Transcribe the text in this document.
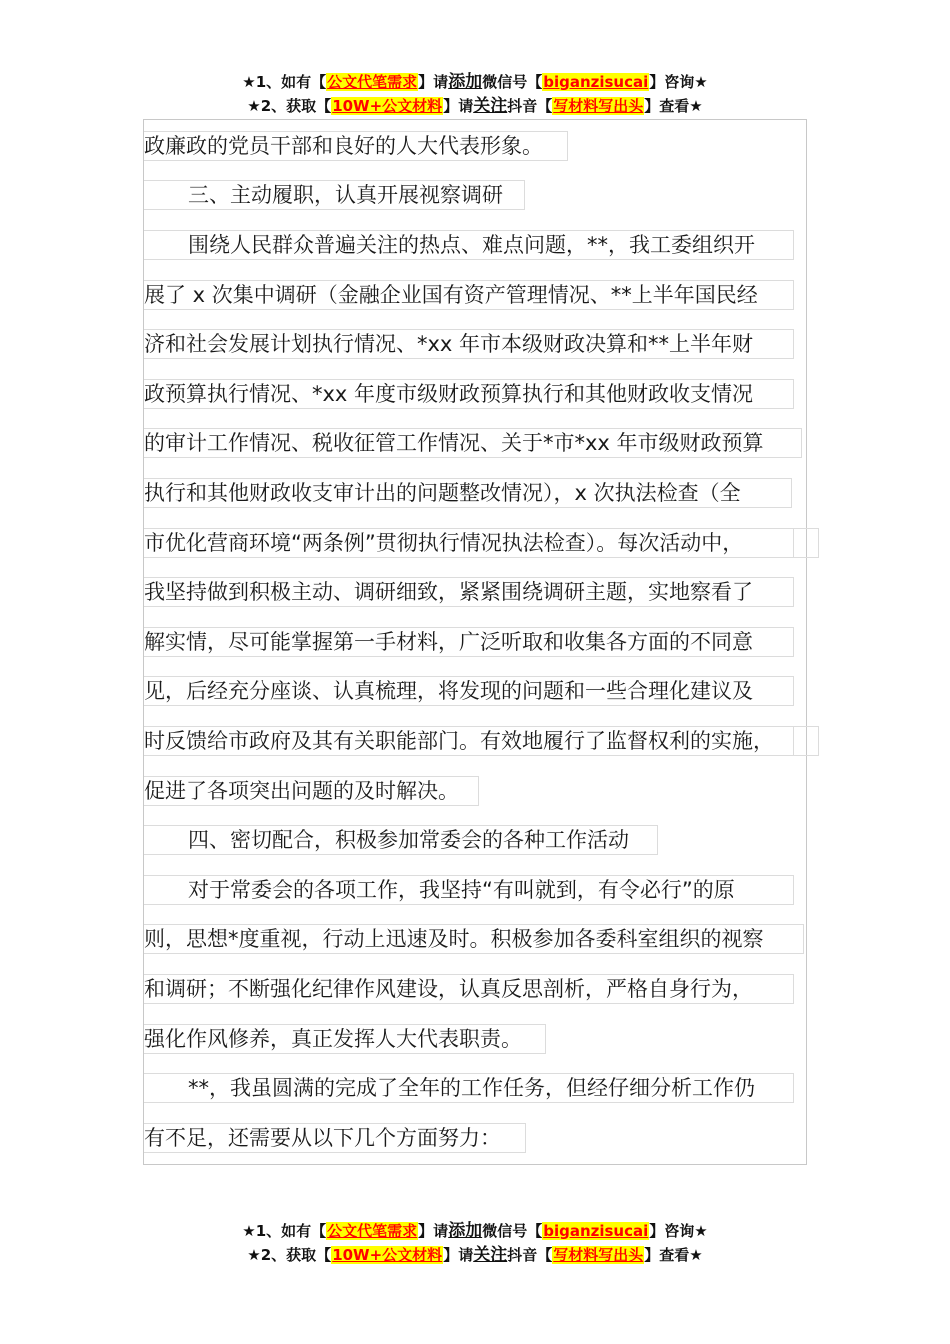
★1、如有【公文代笔需求】请添加微信号【biganzisucai】咨询★
★2、获取【10W+公文材料】请关注抖音【写材料写出头】查看★
政廉政的党员干部和良好的人大代表形象。
三、主动履职，认真开展视察调研
围绕人民群众普遍关注的热点、难点问题，**，我工委组织开
展了 x 次集中调研（金融企业国有资产管理情况、**上半年国民经
济和社会发展计划执行情况、*xx 年市本级财政决算和**上半年财
政预算执行情况、*xx 年度市级财政预算执行和其他财政收支情况
的审计工作情况、税收征管工作情况、关于*市*xx 年市级财政预算
执行和其他财政收支审计出的问题整改情况），x 次执法检查（全
市优化营商环境“两条例”贯彻执行情况执法检查）。每次活动中，
我坚持做到积极主动、调研细致，紧紧围绕调研主题，实地察看了
解实情，尽可能掌握第一手材料，广泛听取和收集各方面的不同意
见，后经充分座谈、认真梳理，将发现的问题和一些合理化建议及
时反馈给市政府及其有关职能部门。有效地履行了监督权利的实施，
促进了各项突出问题的及时解决。
四、密切配合，积极参加常委会的各种工作活动
对于常委会的各项工作，我坚持“有叫就到，有令必行”的原
则，思想*度重视，行动上迅速及时。积极参加各委科室组织的视察
和调研；不断强化纪律作风建设，认真反思剖析，严格自身行为，
强化作风修养，真正发挥人大代表职责。
**，我虽圆满的完成了全年的工作任务，但经仔细分析工作仍
有不足，还需要从以下几个方面努力：
★1、如有【公文代笔需求】请添加微信号【biganzisucai】咨询★
★2、获取【10W+公文材料】请关注抖音【写材料写出头】查看★
